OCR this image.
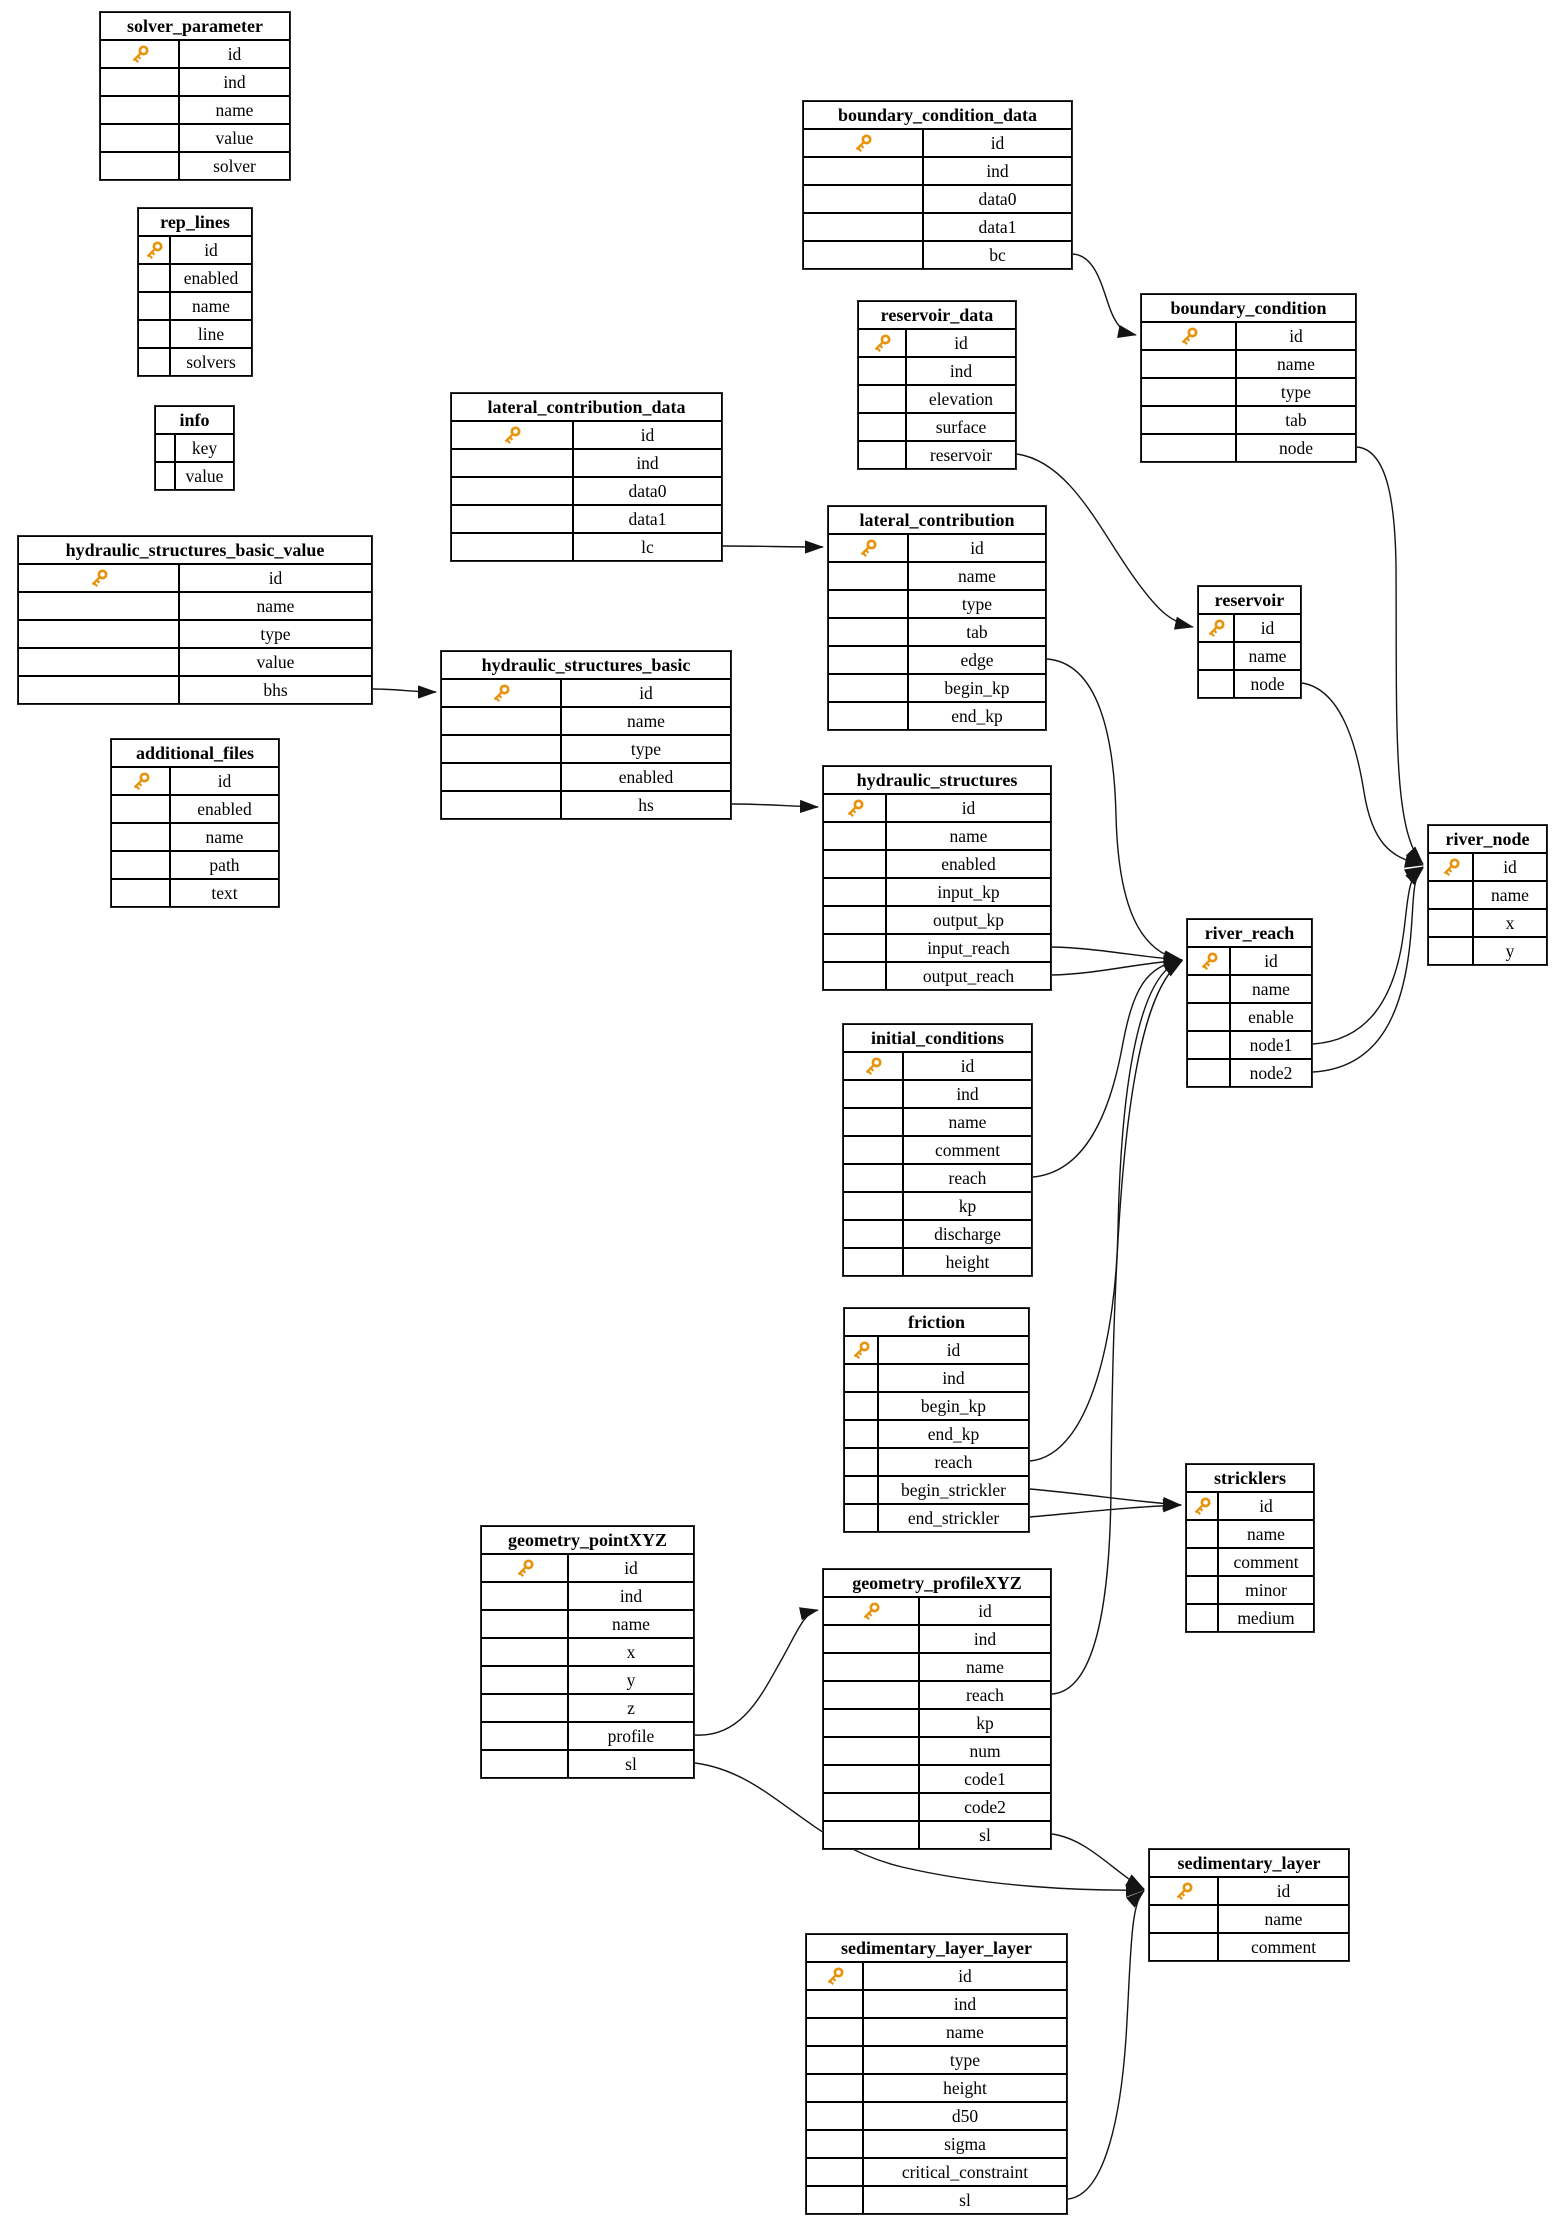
solver_parameter	

	id
	ind
	name
	value
	solver
rep_lines	

	id
	enabled
	name
	line
	solvers
info	
	key
	value
hydraulic_structures_basic_value	

	id
	name
	type
	value
	bhs
additional_files	

	id
	enabled
	name
	path
	text
lateral_contribution_data	

	id
	ind
	data0
	data1
	lc
hydraulic_structures_basic	

	id
	name
	type
	enabled
	hs
boundary_condition_data	

	id
	ind
	data0
	data1
	bc
reservoir_data	

	id
	ind
	elevation
	surface
	reservoir
lateral_contribution	

	id
	name
	type
	tab
	edge
	begin_kp
	end_kp
hydraulic_structures	

	id
	name
	enabled
	input_kp
	output_kp
	input_reach
	output_reach
initial_conditions	

	id
	ind
	name
	comment
	reach
	kp
	discharge
	height
friction	

	id
	ind
	begin_kp
	end_kp
	reach
	begin_strickler
	end_strickler
geometry_pointXYZ	

	id
	ind
	name
	x
	y
	z
	profile
	sl
geometry_profileXYZ	

	id
	ind
	name
	reach
	kp
	num
	code1
	code2
	sl
boundary_condition	

	id
	name
	type
	tab
	node
reservoir	

	id
	name
	node
river_reach	

	id
	name
	enable
	node1
	node2
river_node	

	id
	name
	x
	y
stricklers	

	id
	name
	comment
	minor
	medium
sedimentary_layer	

	id
	name
	comment
sedimentary_layer_layer	

	id
	ind
	name
	type
	height
	d50
	sigma
	critical_constraint
	sl
